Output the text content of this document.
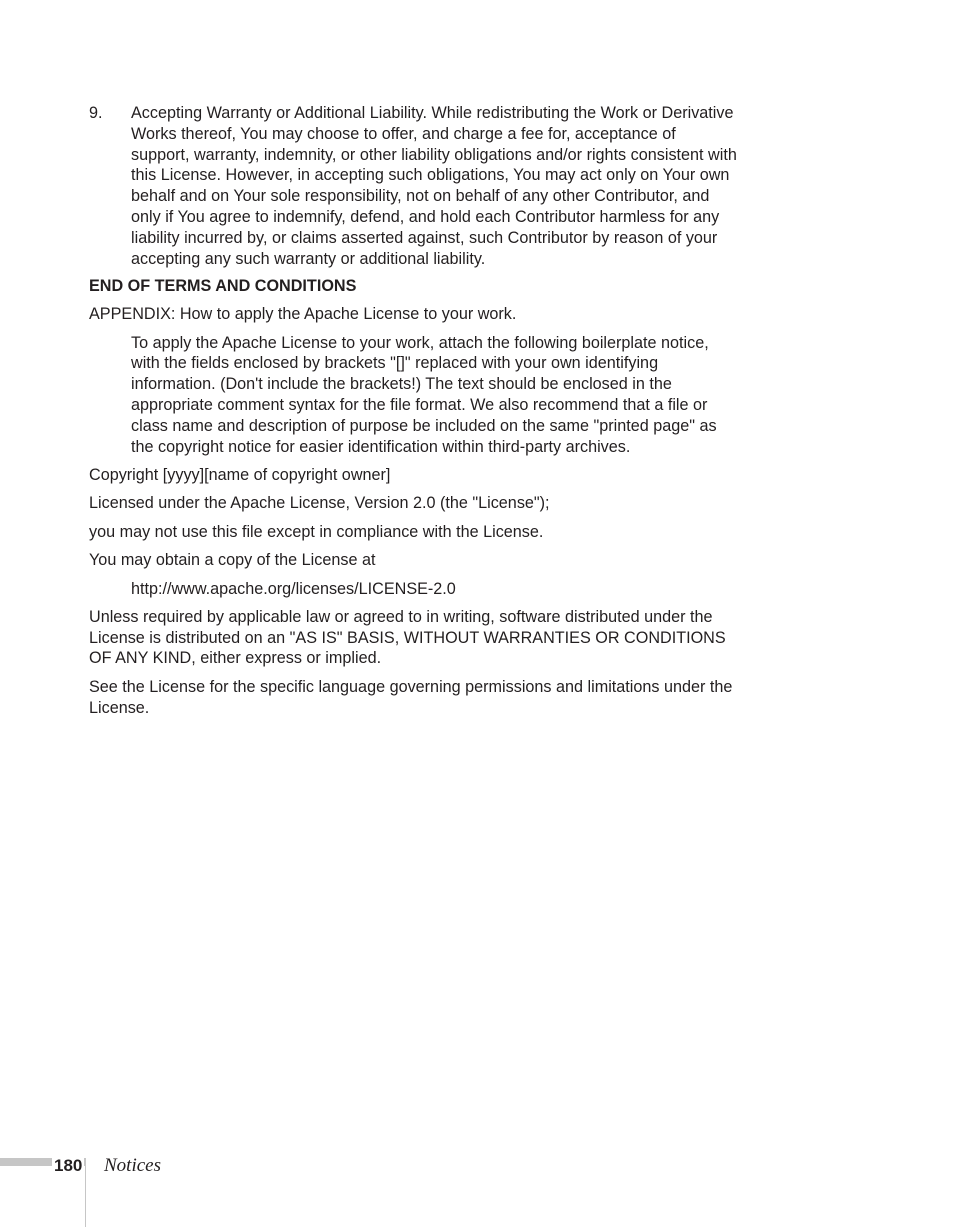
9. Accepting Warranty or Additional Liability. While redistributing the Work or Derivative Works thereof, You may choose to offer, and charge a fee for, acceptance of support, warranty, indemnity, or other liability obligations and/or rights consistent with this License. However, in accepting such obligations, You may act only on Your own behalf and on Your sole responsibility, not on behalf of any other Contributor, and only if You agree to indemnify, defend, and hold each Contributor harmless for any liability incurred by, or claims asserted against, such Contributor by reason of your accepting any such warranty or additional liability.
END OF TERMS AND CONDITIONS
APPENDIX: How to apply the Apache License to your work.
To apply the Apache License to your work, attach the following boilerplate notice, with the fields enclosed by brackets "[]" replaced with your own identifying information. (Don't include the brackets!) The text should be enclosed in the appropriate comment syntax for the file format. We also recommend that a file or class name and description of purpose be included on the same "printed page" as the copyright notice for easier identification within third-party archives.
Copyright [yyyy][name of copyright owner]
Licensed under the Apache License, Version 2.0 (the "License");
you may not use this file except in compliance with the License.
You may obtain a copy of the License at
http://www.apache.org/licenses/LICENSE-2.0
Unless required by applicable law or agreed to in writing, software distributed under the License is distributed on an "AS IS" BASIS, WITHOUT WARRANTIES OR CONDITIONS OF ANY KIND, either express or implied.
See the License for the specific language governing permissions and limitations under the License.
180 Notices
